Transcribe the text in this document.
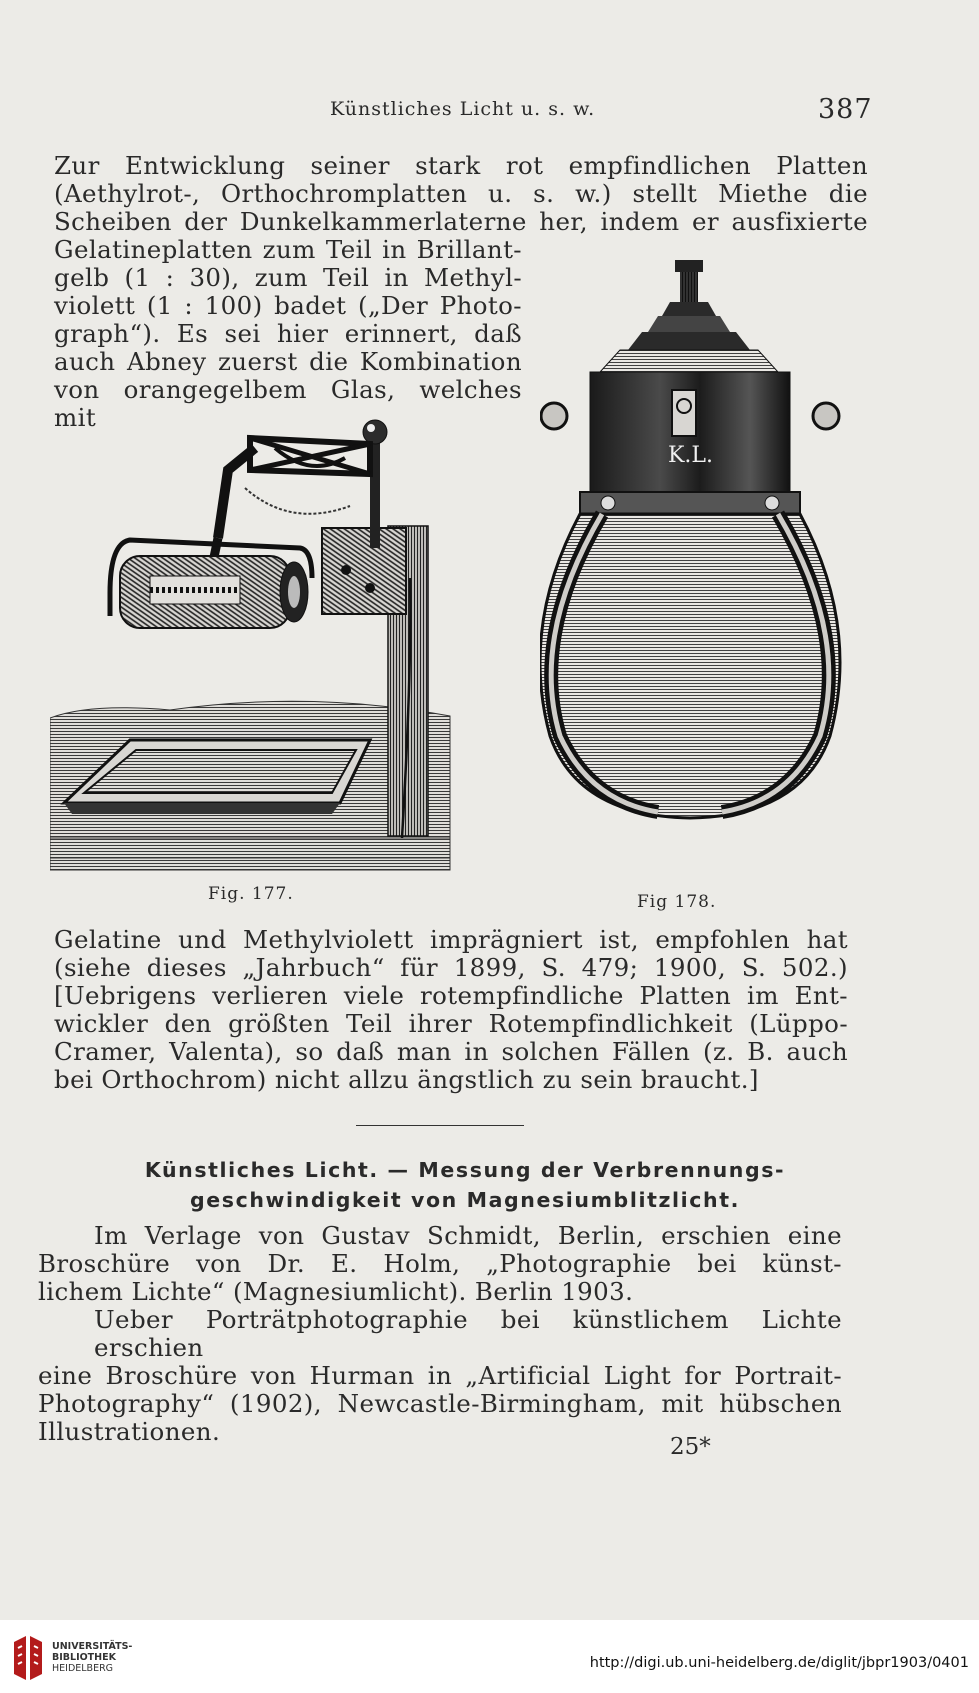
Künstliches Licht u. s. w.	387

Zur Entwicklung seiner stark rot empfindlichen Platten
(Aethylrot-, Orthochromplatten u. s. w.) stellt Miethe die
Scheiben der Dunkelkammerlaterne her, indem er ausfixierte

Gelatineplatten zum Teil in Brillant-
gelb (1 : 30), zum Teil in Methyl-
violett (1 : 100) badet („Der Photo-
graph“). Es sei hier erinnert, daß
auch Abney zuerst die Kombination
von orangegelbem Glas, welches mit

K.L.
Fig. 177.	Fig 178.

Gelatine und Methylviolett imprägniert ist, empfohlen hat
(siehe dieses „Jahrbuch“ für 1899, S. 479; 1900, S. 502.)
[Uebrigens verlieren viele rotempfindliche Platten im Ent-
wickler den größten Teil ihrer Rotempfindlichkeit (Lüppo-
Cramer, Valenta), so daß man in solchen Fällen (z. B. auch
bei Orthochrom) nicht allzu ängstlich zu sein braucht.]

Künstliches Licht. — Messung der Verbrennungs-
geschwindigkeit von Magnesiumblitzlicht.

Im Verlage von Gustav Schmidt, Berlin, erschien eine
Broschüre von Dr. E. Holm, „Photographie bei künst-
lichem Lichte“ (Magnesiumlicht). Berlin 1903.

Ueber Porträtphotographie bei künstlichem Lichte erschien
eine Broschüre von Hurman in „Artificial Light for Portrait-
Photography“ (1902), Newcastle-Birmingham, mit hübschen
Illustrationen.

25*
UNIVERSITÄTS-
BIBLIOTHEK
HEIDELBERG	http://digi.ub.uni-heidelberg.de/diglit/jbpr1903/0401
